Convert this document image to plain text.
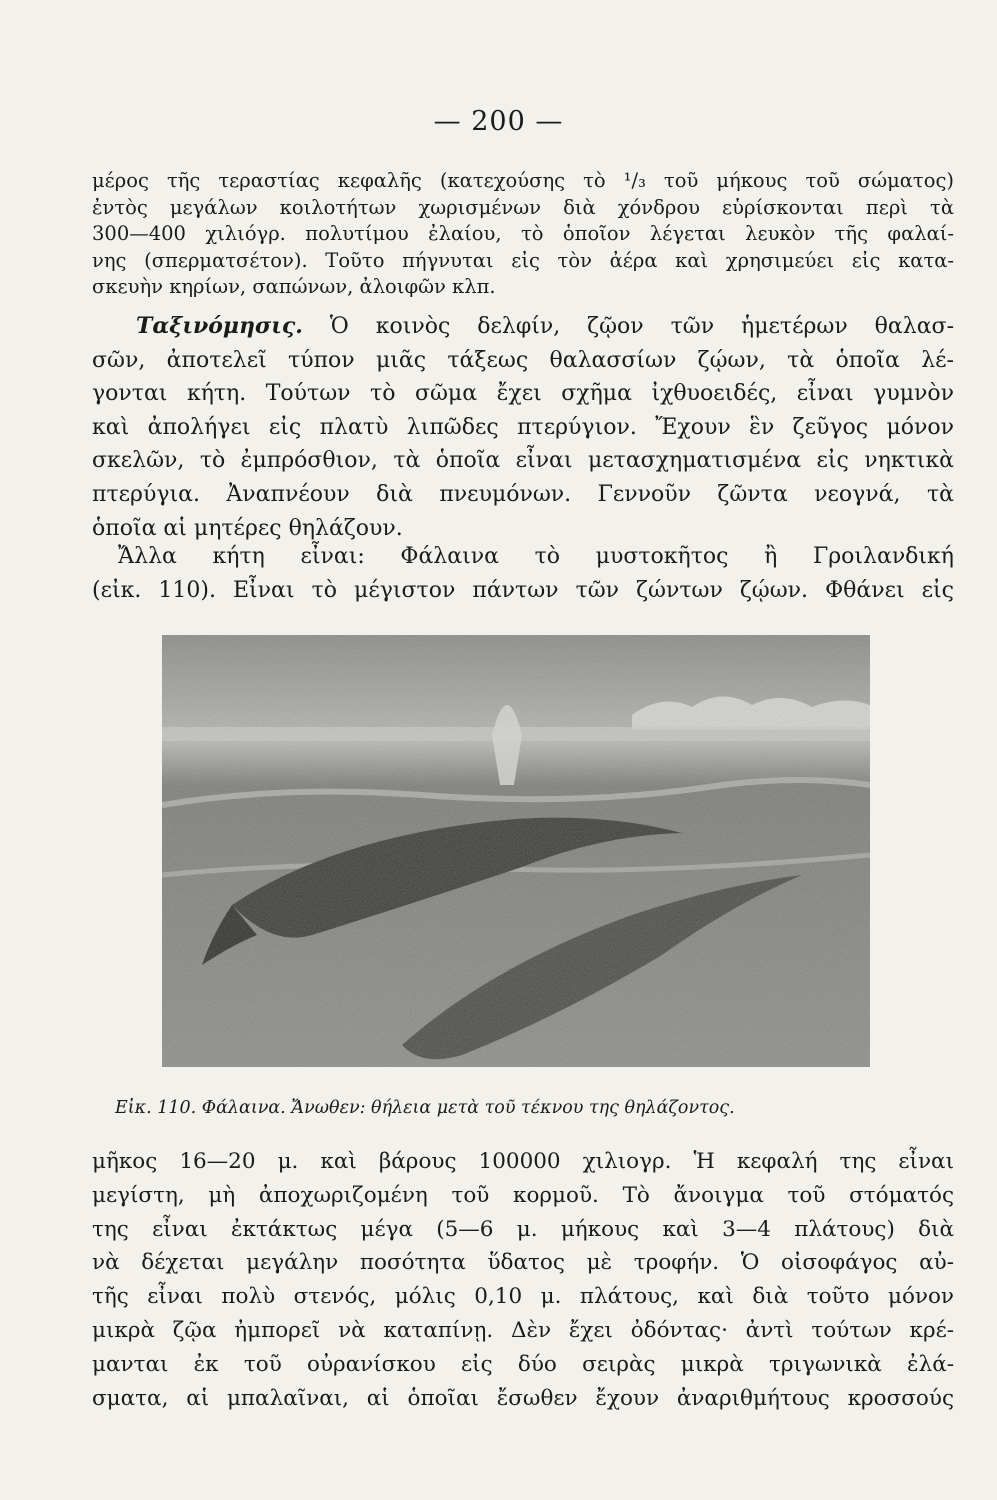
— 200 —
μέρος τῆς τεραστίας κεφαλῆς (κατεχούσης τὸ ¹/₃ τοῦ μήκους τοῦ σώματος)
ἐντὸς μεγάλων κοιλοτήτων χωρισμένων διὰ χόνδρου εὑρίσκονται περὶ τὰ
300—400 χιλιόγρ. πολυτίμου ἐλαίου, τὸ ὁποῖον λέγεται λευκὸν τῆς φαλαί-
νης (σπερματσέτον). Τοῦτο πήγνυται εἰς τὸν ἀέρα καὶ χρησιμεύει εἰς κατα-
σκευὴν κηρίων, σαπώνων, ἀλοιφῶν κλπ.
Ταξινόμησις. Ὁ κοινὸς δελφίν, ζῷον τῶν ἡμετέρων θαλασ-
σῶν, ἀποτελεῖ τύπον μιᾶς τάξεως θαλασσίων ζῴων, τὰ ὁποῖα λέ-
γονται κήτη. Τούτων τὸ σῶμα ἔχει σχῆμα ἰχθυοειδές, εἶναι γυμνὸν
καὶ ἀπολήγει εἰς πλατὺ λιπῶδες πτερύγιον. Ἔχουν ἓν ζεῦγος μόνον
σκελῶν, τὸ ἐμπρόσθιον, τὰ ὁποῖα εἶναι μετασχηματισμένα εἰς νηκτικὰ
πτερύγια. Ἀναπνέουν διὰ πνευμόνων. Γεννοῦν ζῶντα νεογνά, τὰ
ὁποῖα αἱ μητέρες θηλάζουν.
Ἄλλα κήτη εἶναι: Φάλαινα τὸ μυστοκῆτος ἢ Γροιλανδική
(εἰκ. 110). Εἶναι τὸ μέγιστον πάντων τῶν ζώντων ζῴων. Φθάνει εἰς
Εἰκ. 110. Φάλαινα. Ἄνωθεν: θήλεια μετὰ τοῦ τέκνου της θηλάζοντος.
μῆκος 16—20 μ. καὶ βάρους 100000 χιλιογρ. Ἡ κεφαλή της εἶναι
μεγίστη, μὴ ἀποχωριζομένη τοῦ κορμοῦ. Τὸ ἄνοιγμα τοῦ στόματός
της εἶναι ἐκτάκτως μέγα (5—6 μ. μήκους καὶ 3—4 πλάτους) διὰ
νὰ δέχεται μεγάλην ποσότητα ὕδατος μὲ τροφήν. Ὁ οἰσοφάγος αὐ-
τῆς εἶναι πολὺ στενός, μόλις 0,10 μ. πλάτους, καὶ διὰ τοῦτο μόνον
μικρὰ ζῷα ἠμπορεῖ νὰ καταπίνῃ. Δὲν ἔχει ὀδόντας· ἀντὶ τούτων κρέ-
μανται ἐκ τοῦ οὐρανίσκου εἰς δύο σειρὰς μικρὰ τριγωνικὰ ἐλά-
σματα, αἱ μπαλαῖναι, αἱ ὁποῖαι ἔσωθεν ἔχουν ἀναριθμήτους κροσσούς
